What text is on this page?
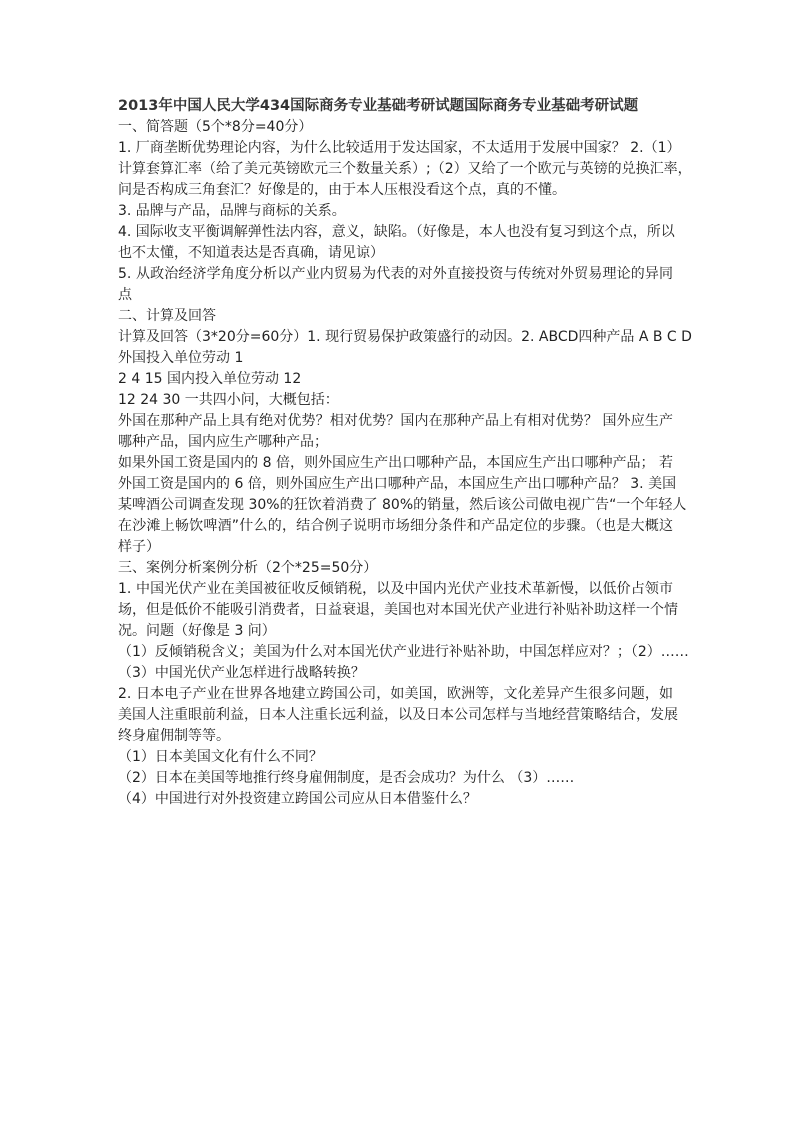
2013年中国人民大学434国际商务专业基础考研试题国际商务专业基础考研试题
一、简答题（5个*8分=40分）
1. 厂商垄断优势理论内容，为什么比较适用于发达国家，不太适用于发展中国家？ 2.（1）
计算套算汇率（给了美元英镑欧元三个数量关系）;（2）又给了一个欧元与英镑的兑换汇率，
问是否构成三角套汇？好像是的，由于本人压根没看这个点，真的不懂。
3. 品牌与产品，品牌与商标的关系。
4. 国际收支平衡调解弹性法内容，意义，缺陷。（好像是，本人也没有复习到这个点，所以
也不太懂，不知道表达是否真确，请见谅）
5. 从政治经济学角度分析以产业内贸易为代表的对外直接投资与传统对外贸易理论的异同
点
二、计算及回答
计算及回答（3*20分=60分）1. 现行贸易保护政策盛行的动因。2. ABCD四种产品 A B C D
外国投入单位劳动 1
2 4 15 国内投入单位劳动 12
12 24 30 一共四小问，大概包括：
外国在那种产品上具有绝对优势？相对优势？国内在那种产品上有相对优势？ 国外应生产
哪种产品，国内应生产哪种产品；
如果外国工资是国内的 8 倍，则外国应生产出口哪种产品，本国应生产出口哪种产品； 若
外国工资是国内的 6 倍，则外国应生产出口哪种产品，本国应生产出口哪种产品？ 3. 美国
某啤酒公司调查发现 30%的狂饮着消费了 80%的销量，然后该公司做电视广告“一个年轻人
在沙滩上畅饮啤酒”什么的，结合例子说明市场细分条件和产品定位的步骤。（也是大概这
样子）
三、案例分析案例分析（2个*25=50分）
1. 中国光伏产业在美国被征收反倾销税，以及中国内光伏产业技术革新慢，以低价占领市
场，但是低价不能吸引消费者，日益衰退，美国也对本国光伏产业进行补贴补助这样一个情
况。问题（好像是 3 问）
（1）反倾销税含义；美国为什么对本国光伏产业进行补贴补助，中国怎样应对？；（2）……
（3）中国光伏产业怎样进行战略转换？
2. 日本电子产业在世界各地建立跨国公司，如美国，欧洲等，文化差异产生很多问题，如
美国人注重眼前利益，日本人注重长远利益，以及日本公司怎样与当地经营策略结合，发展
终身雇佣制等等。
（1）日本美国文化有什么不同？
（2）日本在美国等地推行终身雇佣制度，是否会成功？为什么 （3）……
（4）中国进行对外投资建立跨国公司应从日本借鉴什么？
